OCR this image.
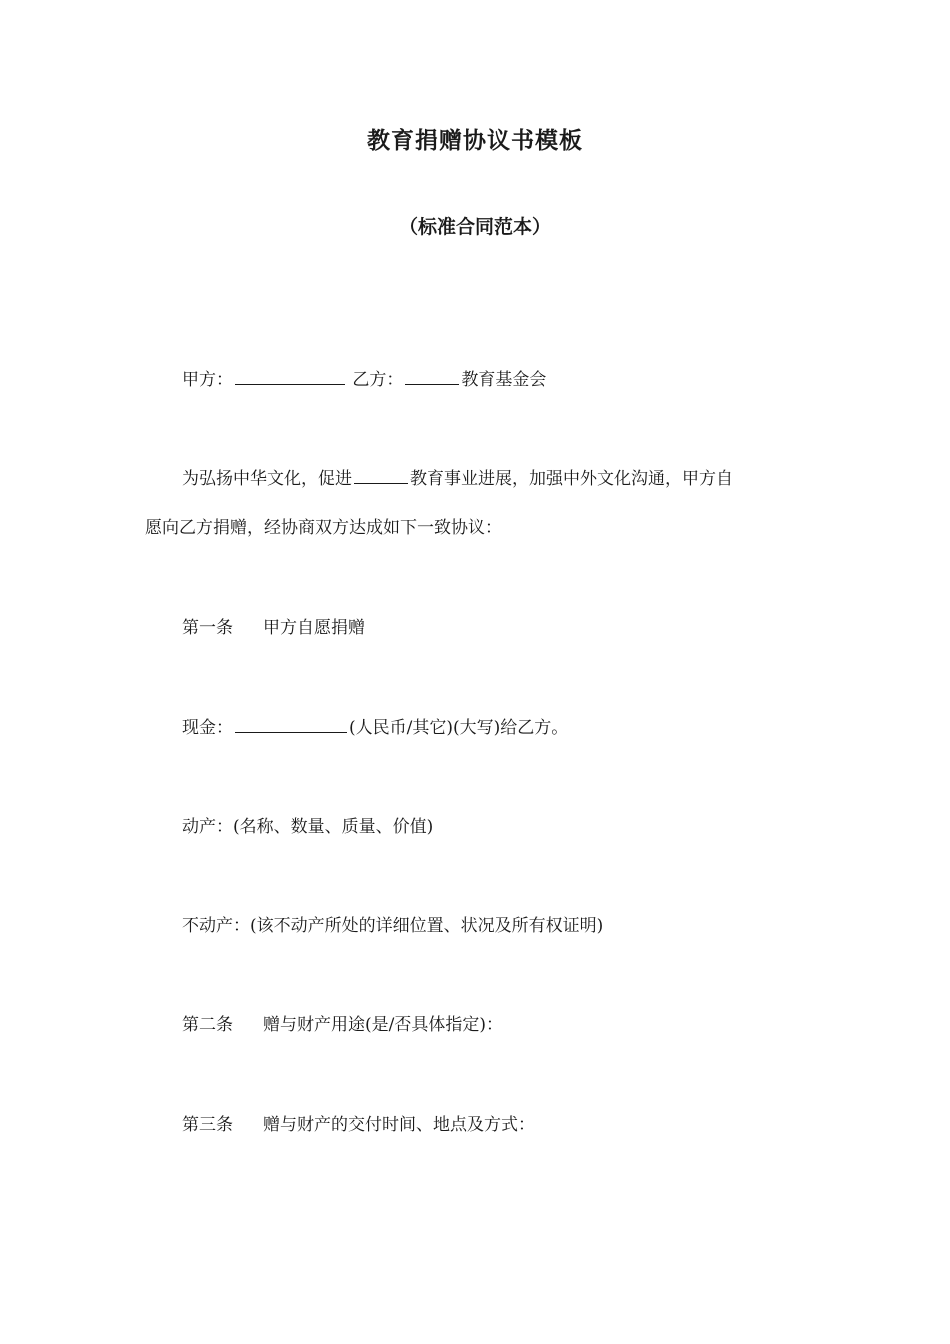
教育捐赠协议书模板
（标准合同范本）
甲方：	乙方：	教育基金会
为弘扬中华文化，促进	教育事业进展，加强中外文化沟通，甲方自
愿向乙方捐赠，经协商双方达成如下一致协议：
第一条 甲方自愿捐赠
现金：	(人民币/其它)(大写)给乙方。
动产：(名称、数量、质量、价值)
不动产：(该不动产所处的详细位置、状况及所有权证明)
第二条 赠与财产用途(是/否具体指定)：
第三条 赠与财产的交付时间、地点及方式：
